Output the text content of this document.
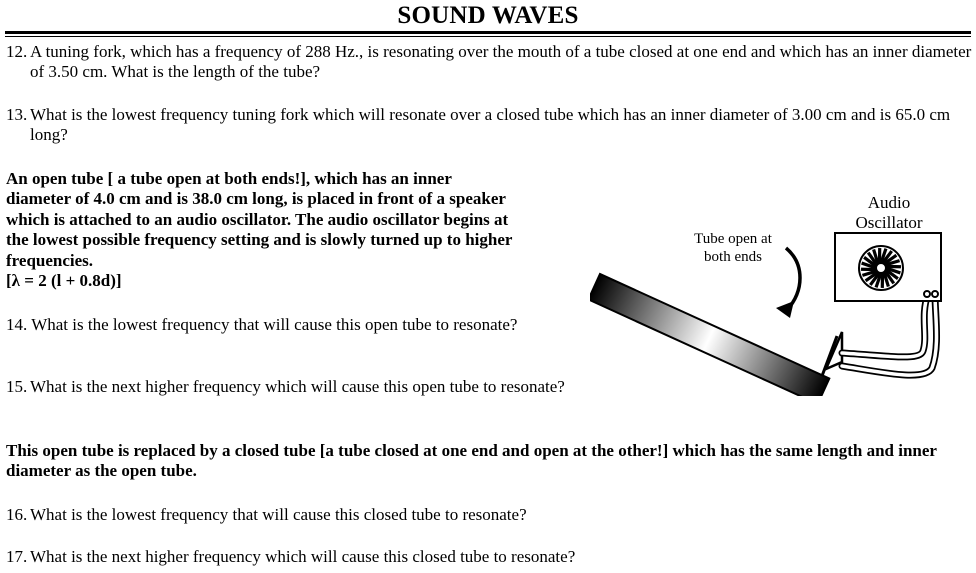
SOUND WAVES
12. A tuning fork, which has a frequency of 288 Hz., is resonating over the mouth of a tube closed at one end and which has an inner diameter of 3.50 cm. What is the length of the tube?
13. What is the lowest frequency tuning fork which will resonate over a closed tube which has an inner diameter of 3.00 cm and is 65.0 cm long?
An open tube [ a tube open at both ends!], which has an inner
diameter of 4.0 cm and is 38.0 cm long, is placed in front of a speaker
which is attached to an audio oscillator. The audio oscillator begins at
the lowest possible frequency setting and is slowly turned up to higher
frequencies.
[λ = 2 (l + 0.8d)]
14. What is the lowest frequency that will cause this open tube to resonate?
15. What is the next higher frequency which will cause this open tube to resonate?
This open tube is replaced by a closed tube [a tube closed at one end and open at the other!] which has the same length and inner diameter as the open tube.
16. What is the lowest frequency that will cause this closed tube to resonate?
17. What is the next higher frequency which will cause this closed tube to resonate?
Tube open at
both ends
Audio
Oscillator
